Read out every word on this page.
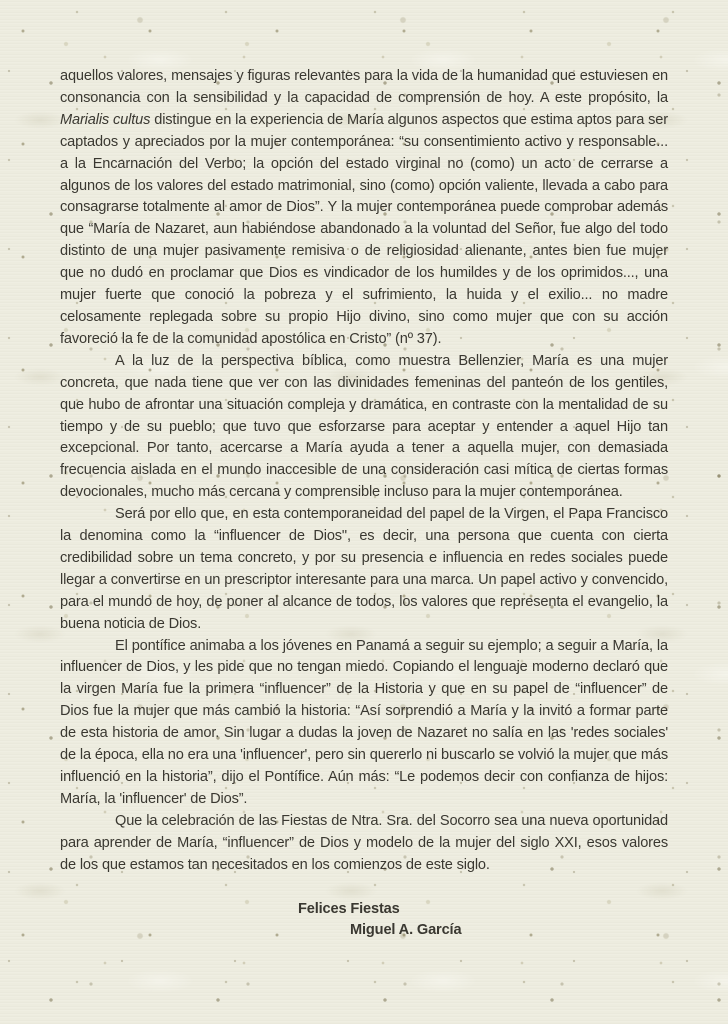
aquellos valores, mensajes y figuras relevantes para la vida de la humanidad que estuviesen en consonancia con la sensibilidad y la capacidad de comprensión de hoy. A este propósito, la Marialis cultus distingue en la experiencia de María algunos aspectos que estima aptos para ser captados y apreciados por la mujer contemporánea: “su consentimiento activo y responsable... a la Encarnación del Verbo; la opción del estado virginal no (como) un acto de cerrarse a algunos de los valores del estado matrimonial, sino (como) opción valiente, llevada a cabo para consagrarse totalmente al amor de Dios”. Y la mujer contemporánea puede comprobar además que “María de Nazaret, aun habiéndose abandonado a la voluntad del Señor, fue algo del todo distinto de una mujer pasivamente remisiva o de religiosidad alienante, antes bien fue mujer que no dudó en proclamar que Dios es vindicador de los humildes y de los oprimidos..., una mujer fuerte que conoció la pobreza y el sufrimiento, la huida y el exilio... no madre celosamente replegada sobre su propio Hijo divino, sino como mujer que con su acción favoreció la fe de la comunidad apostólica en Cristo” (nº 37).

A la luz de la perspectiva bíblica, como muestra Bellenzier, María es una mujer concreta, que nada tiene que ver con las divinidades femeninas del panteón de los gentiles, que hubo de afrontar una situación compleja y dramática, en contraste con la mentalidad de su tiempo y de su pueblo; que tuvo que esforzarse para aceptar y entender a aquel Hijo tan excepcional. Por tanto, acercarse a María ayuda a tener a aquella mujer, con demasiada frecuencia aislada en el mundo inaccesible de una consideración casi mítica de ciertas formas devocionales, mucho más cercana y comprensible incluso para la mujer contemporánea.

Será por ello que, en esta contemporaneidad del papel de la Virgen, el Papa Francisco la denomina como la “influencer de Dios", es decir, una persona que cuenta con cierta credibilidad sobre un tema concreto, y por su presencia e influencia en redes sociales puede llegar a convertirse en un prescriptor interesante para una marca. Un papel activo y convencido, para el mundo de hoy, de poner al alcance de todos, los valores que representa el evangelio, la buena noticia de Dios.

El pontífice animaba a los jóvenes en Panamá a seguir su ejemplo; a seguir a María, la influencer de Dios, y les pide que no tengan miedo. Copiando el lenguaje moderno declaró que la virgen María fue la primera “influencer” de la Historia y que en su papel de “influencer” de Dios fue la mujer que más cambió la historia: “Así sorprendió a María y la invitó a formar parte de esta historia de amor. Sin lugar a dudas la joven de Nazaret no salía en las 'redes sociales' de la época, ella no era una 'influencer', pero sin quererlo ni buscarlo se volvió la mujer que más influenció en la historia”, dijo el Pontífice. Aún más: “Le podemos decir con confianza de hijos: María, la 'influencer' de Dios”.

Que la celebración de las Fiestas de Ntra. Sra. del Socorro sea una nueva oportunidad para aprender de María, “influencer” de Dios y modelo de la mujer del siglo XXI, esos valores de los que estamos tan necesitados en los comienzos de este siglo.

Felices Fiestas
Miguel A. García
